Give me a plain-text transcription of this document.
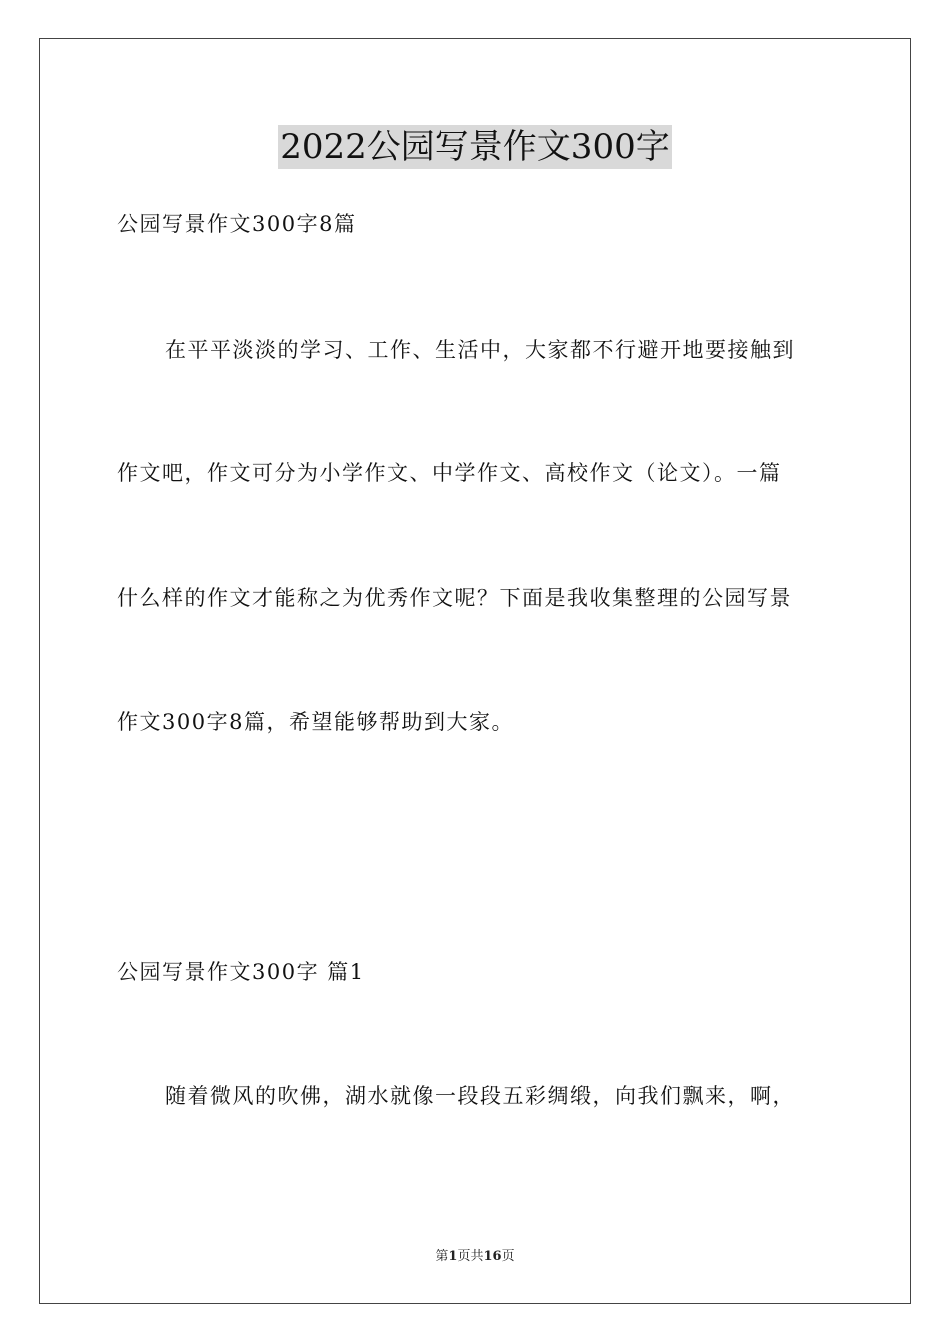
2022公园写景作文300字
公园写景作文300字8篇
在平平淡淡的学习、工作、生活中，大家都不行避开地要接触到
作文吧，作文可分为小学作文、中学作文、高校作文（论文）。一篇
什么样的作文才能称之为优秀作文呢？下面是我收集整理的公园写景
作文300字8篇，希望能够帮助到大家。
公园写景作文300字 篇1
随着微风的吹佛，湖水就像一段段五彩绸缎，向我们飘来，啊，
第1页共16页
